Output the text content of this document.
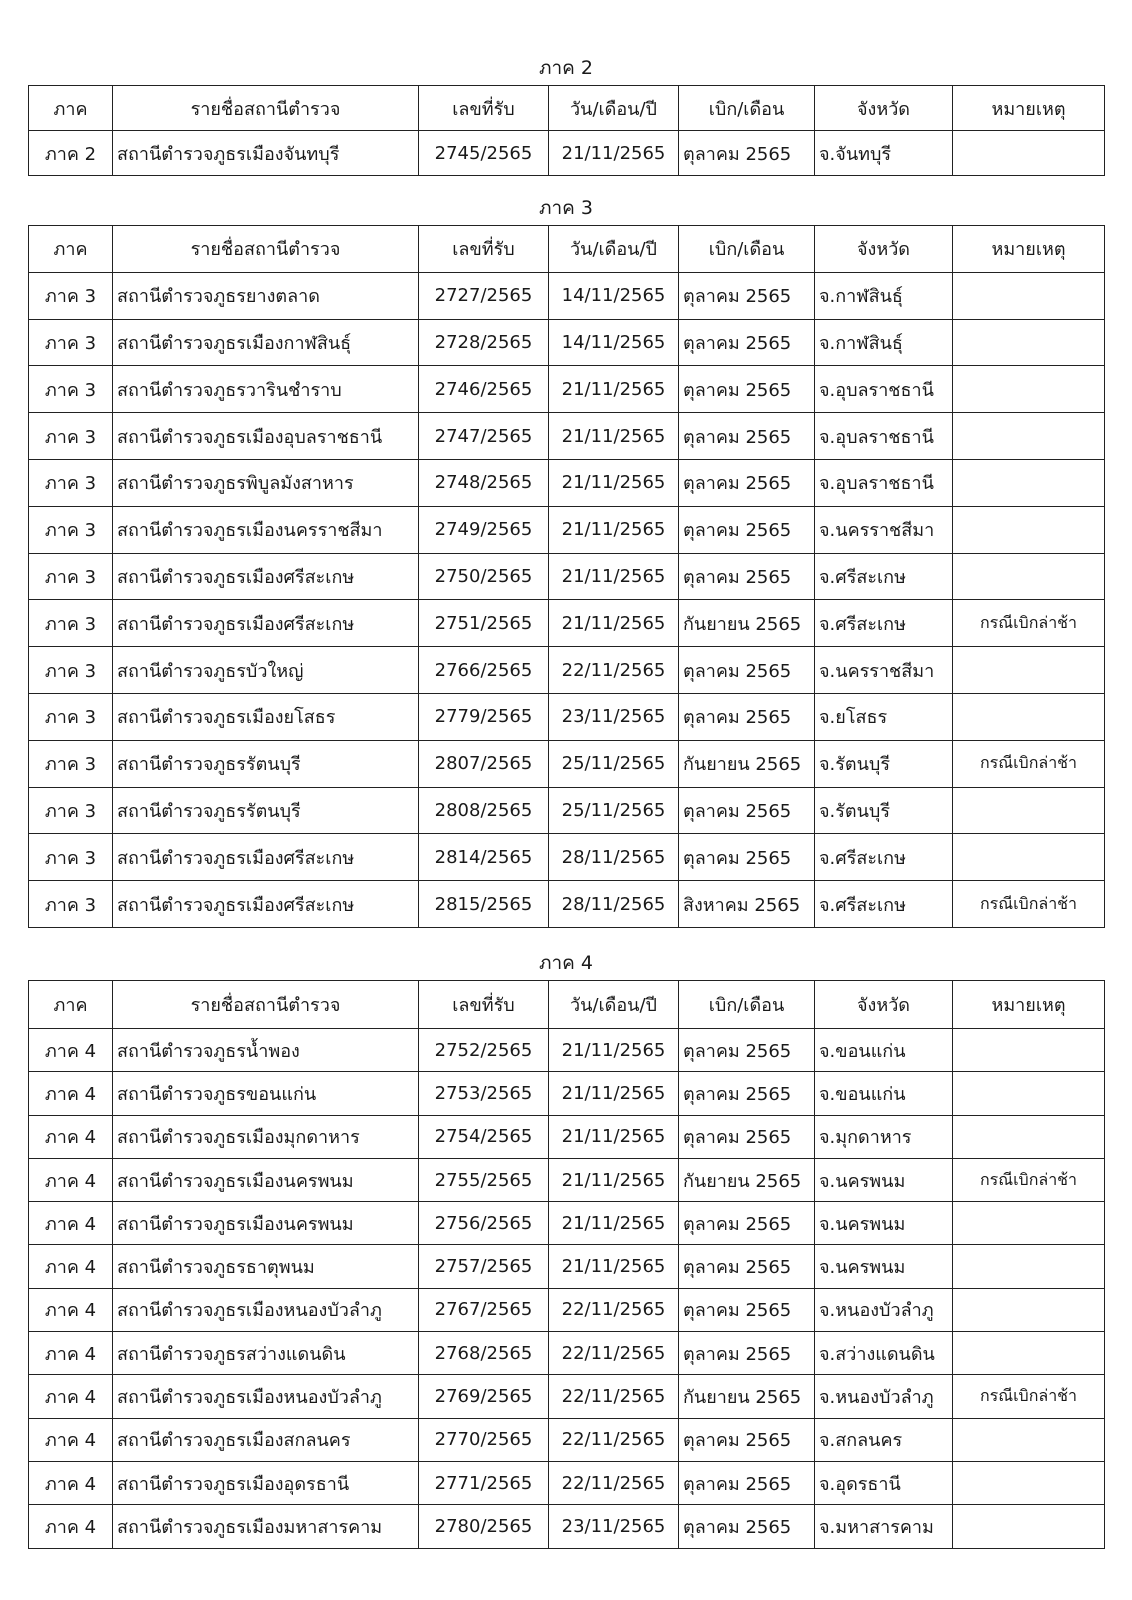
ภาค 2
ภาค 3
ภาค 4
ภาค	รายชื่อสถานีตำรวจ	เลขที่รับ	วัน/เดือน/ปี	เบิก/เดือน	จังหวัด	หมายเหตุ
ภาค 2	สถานีตำรวจภูธรเมืองจันทบุรี	2745/2565	21/11/2565	ตุลาคม 2565	จ.จันทบุรี	
ภาค	รายชื่อสถานีตำรวจ	เลขที่รับ	วัน/เดือน/ปี	เบิก/เดือน	จังหวัด	หมายเหตุ
ภาค 3	สถานีตำรวจภูธรยางตลาด	2727/2565	14/11/2565	ตุลาคม 2565	จ.กาฬสินธุ์	
ภาค 3	สถานีตำรวจภูธรเมืองกาฬสินธุ์	2728/2565	14/11/2565	ตุลาคม 2565	จ.กาฬสินธุ์	
ภาค 3	สถานีตำรวจภูธรวารินชำราบ	2746/2565	21/11/2565	ตุลาคม 2565	จ.อุบลราชธานี	
ภาค 3	สถานีตำรวจภูธรเมืองอุบลราชธานี	2747/2565	21/11/2565	ตุลาคม 2565	จ.อุบลราชธานี	
ภาค 3	สถานีตำรวจภูธรพิบูลมังสาหาร	2748/2565	21/11/2565	ตุลาคม 2565	จ.อุบลราชธานี	
ภาค 3	สถานีตำรวจภูธรเมืองนครราชสีมา	2749/2565	21/11/2565	ตุลาคม 2565	จ.นครราชสีมา	
ภาค 3	สถานีตำรวจภูธรเมืองศรีสะเกษ	2750/2565	21/11/2565	ตุลาคม 2565	จ.ศรีสะเกษ	
ภาค 3	สถานีตำรวจภูธรเมืองศรีสะเกษ	2751/2565	21/11/2565	กันยายน 2565	จ.ศรีสะเกษ	กรณีเบิกล่าช้า
ภาค 3	สถานีตำรวจภูธรบัวใหญ่	2766/2565	22/11/2565	ตุลาคม 2565	จ.นครราชสีมา	
ภาค 3	สถานีตำรวจภูธรเมืองยโสธร	2779/2565	23/11/2565	ตุลาคม 2565	จ.ยโสธร	
ภาค 3	สถานีตำรวจภูธรรัตนบุรี	2807/2565	25/11/2565	กันยายน 2565	จ.รัตนบุรี	กรณีเบิกล่าช้า
ภาค 3	สถานีตำรวจภูธรรัตนบุรี	2808/2565	25/11/2565	ตุลาคม 2565	จ.รัตนบุรี	
ภาค 3	สถานีตำรวจภูธรเมืองศรีสะเกษ	2814/2565	28/11/2565	ตุลาคม 2565	จ.ศรีสะเกษ	
ภาค 3	สถานีตำรวจภูธรเมืองศรีสะเกษ	2815/2565	28/11/2565	สิงหาคม 2565	จ.ศรีสะเกษ	กรณีเบิกล่าช้า
ภาค	รายชื่อสถานีตำรวจ	เลขที่รับ	วัน/เดือน/ปี	เบิก/เดือน	จังหวัด	หมายเหตุ
ภาค 4	สถานีตำรวจภูธรน้ำพอง	2752/2565	21/11/2565	ตุลาคม 2565	จ.ขอนแก่น	
ภาค 4	สถานีตำรวจภูธรขอนแก่น	2753/2565	21/11/2565	ตุลาคม 2565	จ.ขอนแก่น	
ภาค 4	สถานีตำรวจภูธรเมืองมุกดาหาร	2754/2565	21/11/2565	ตุลาคม 2565	จ.มุกดาหาร	
ภาค 4	สถานีตำรวจภูธรเมืองนครพนม	2755/2565	21/11/2565	กันยายน 2565	จ.นครพนม	กรณีเบิกล่าช้า
ภาค 4	สถานีตำรวจภูธรเมืองนครพนม	2756/2565	21/11/2565	ตุลาคม 2565	จ.นครพนม	
ภาค 4	สถานีตำรวจภูธรธาตุพนม	2757/2565	21/11/2565	ตุลาคม 2565	จ.นครพนม	
ภาค 4	สถานีตำรวจภูธรเมืองหนองบัวลำภู	2767/2565	22/11/2565	ตุลาคม 2565	จ.หนองบัวลำภู	
ภาค 4	สถานีตำรวจภูธรสว่างแดนดิน	2768/2565	22/11/2565	ตุลาคม 2565	จ.สว่างแดนดิน	
ภาค 4	สถานีตำรวจภูธรเมืองหนองบัวลำภู	2769/2565	22/11/2565	กันยายน 2565	จ.หนองบัวลำภู	กรณีเบิกล่าช้า
ภาค 4	สถานีตำรวจภูธรเมืองสกลนคร	2770/2565	22/11/2565	ตุลาคม 2565	จ.สกลนคร	
ภาค 4	สถานีตำรวจภูธรเมืองอุดรธานี	2771/2565	22/11/2565	ตุลาคม 2565	จ.อุดรธานี	
ภาค 4	สถานีตำรวจภูธรเมืองมหาสารคาม	2780/2565	23/11/2565	ตุลาคม 2565	จ.มหาสารคาม	
